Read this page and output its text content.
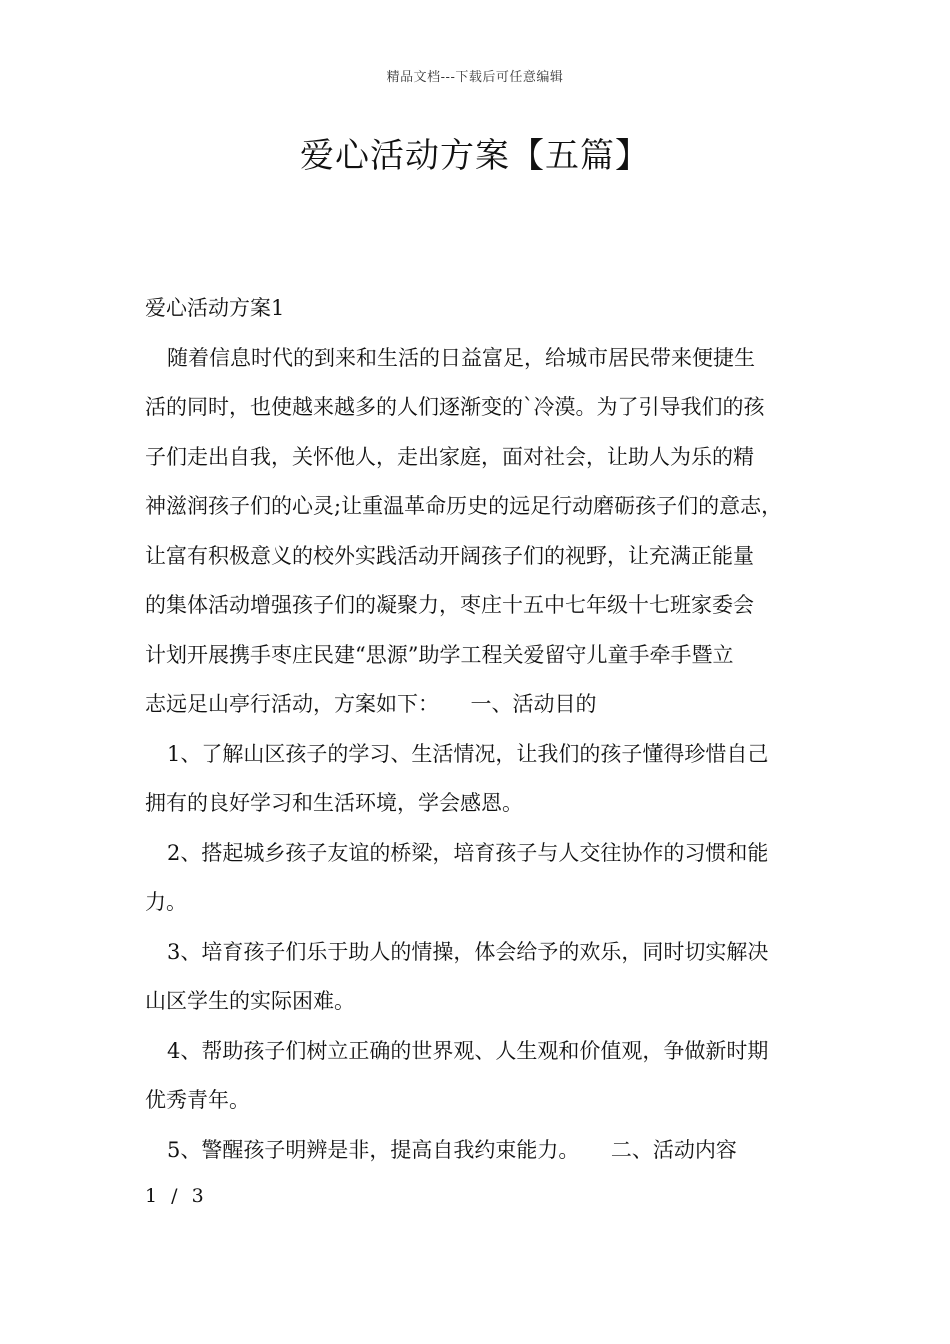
精品文档---下载后可任意编辑
爱心活动方案【五篇】
爱心活动方案1
随着信息时代的到来和生活的日益富足，给城市居民带来便捷生
活的同时，也使越来越多的人们逐渐变的`冷漠。为了引导我们的孩
子们走出自我，关怀他人，走出家庭，面对社会，让助人为乐的精
神滋润孩子们的心灵;让重温革命历史的远足行动磨砺孩子们的意志，
让富有积极意义的校外实践活动开阔孩子们的视野，让充满正能量
的集体活动增强孩子们的凝聚力，枣庄十五中七年级十七班家委会
计划开展携手枣庄民建“思源”助学工程关爱留守儿童手牵手暨立
志远足山亭行活动，方案如下：　　一、活动目的
1、了解山区孩子的学习、生活情况，让我们的孩子懂得珍惜自己
拥有的良好学习和生活环境，学会感恩。
2、搭起城乡孩子友谊的桥梁，培育孩子与人交往协作的习惯和能
力。
3、培育孩子们乐于助人的情操，体会给予的欢乐，同时切实解决
山区学生的实际困难。
4、帮助孩子们树立正确的世界观、人生观和价值观，争做新时期
优秀青年。
5、警醒孩子明辨是非，提高自我约束能力。　　二、活动内容
1 / 3
